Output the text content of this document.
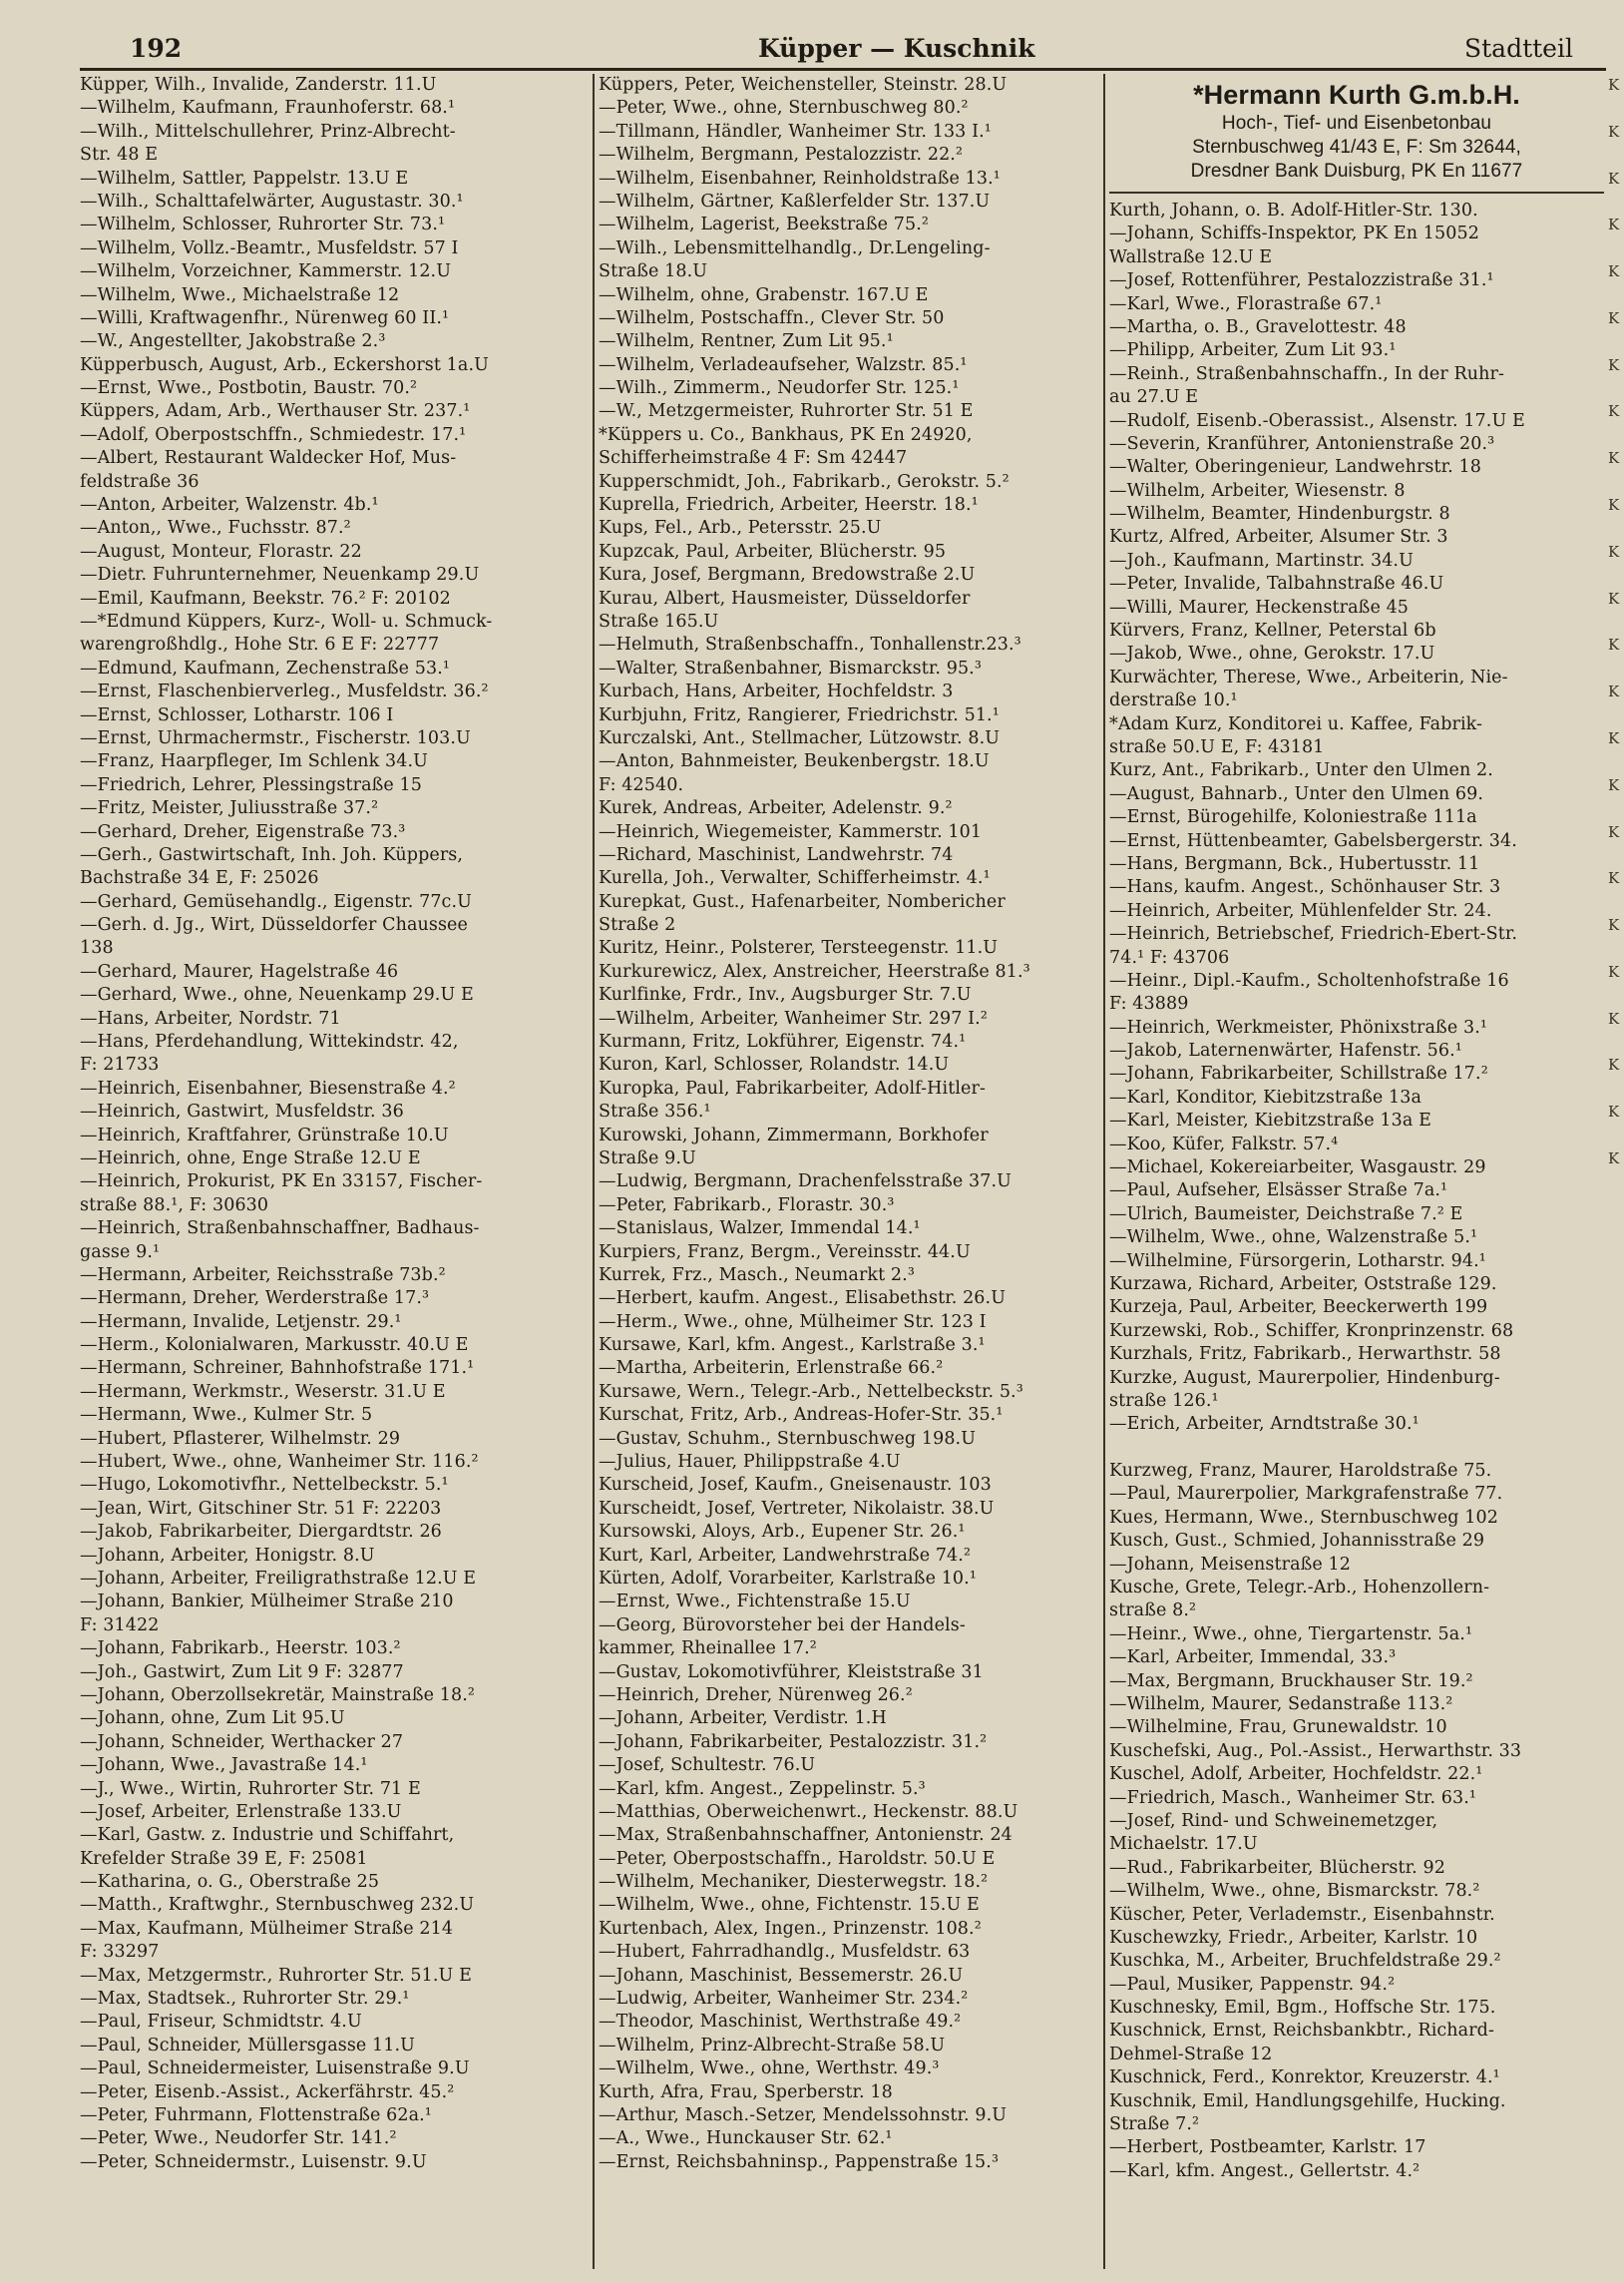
192	Küpper — Kuschnik	Stadtteil
Küpper, Wilh., Invalide, Zanderstr. 11.U
—Wilhelm, Kaufmann, Fraunhoferstr. 68.¹
—Wilh., Mittelschullehrer, Prinz-Albrecht-
Str. 48 E
—Wilhelm, Sattler, Pappelstr. 13.U E
—Wilh., Schalttafelwärter, Augustastr. 30.¹
—Wilhelm, Schlosser, Ruhrorter Str. 73.¹
—Wilhelm, Vollz.-Beamtr., Musfeldstr. 57 I
—Wilhelm, Vorzeichner, Kammerstr. 12.U
—Wilhelm, Wwe., Michaelstraße 12
—Willi, Kraftwagenfhr., Nürenweg 60 II.¹
—W., Angestellter, Jakobstraße 2.³
Küpperbusch, August, Arb., Eckershorst 1a.U
—Ernst, Wwe., Postbotin, Baustr. 70.²
Küppers, Adam, Arb., Werthauser Str. 237.¹
—Adolf, Oberpostschffn., Schmiedestr. 17.¹
—Albert, Restaurant Waldecker Hof, Mus-
feldstraße 36
—Anton, Arbeiter, Walzenstr. 4b.¹
—Anton,, Wwe., Fuchsstr. 87.²
—August, Monteur, Florastr. 22
—Dietr. Fuhrunternehmer, Neuenkamp 29.U
—Emil, Kaufmann, Beekstr. 76.² F: 20102
—*Edmund Küppers, Kurz-, Woll- u. Schmuck-
warengroßhdlg., Hohe Str. 6 E F: 22777
—Edmund, Kaufmann, Zechenstraße 53.¹
—Ernst, Flaschenbierverleg., Musfeldstr. 36.²
—Ernst, Schlosser, Lotharstr. 106 I
—Ernst, Uhrmachermstr., Fischerstr. 103.U
—Franz, Haarpfleger, Im Schlenk 34.U
—Friedrich, Lehrer, Plessingstraße 15
—Fritz, Meister, Juliusstraße 37.²
—Gerhard, Dreher, Eigenstraße 73.³
—Gerh., Gastwirtschaft, Inh. Joh. Küppers,
Bachstraße 34 E, F: 25026
—Gerhard, Gemüsehandlg., Eigenstr. 77c.U
—Gerh. d. Jg., Wirt, Düsseldorfer Chaussee
138
—Gerhard, Maurer, Hagelstraße 46
—Gerhard, Wwe., ohne, Neuenkamp 29.U E
—Hans, Arbeiter, Nordstr. 71
—Hans, Pferdehandlung, Wittekindstr. 42,
F: 21733
—Heinrich, Eisenbahner, Biesenstraße 4.²
—Heinrich, Gastwirt, Musfeldstr. 36
—Heinrich, Kraftfahrer, Grünstraße 10.U
—Heinrich, ohne, Enge Straße 12.U E
—Heinrich, Prokurist, PK En 33157, Fischer-
straße 88.¹, F: 30630
—Heinrich, Straßenbahnschaffner, Badhaus-
gasse 9.¹
—Hermann, Arbeiter, Reichsstraße 73b.²
—Hermann, Dreher, Werderstraße 17.³
—Hermann, Invalide, Letjenstr. 29.¹
—Herm., Kolonialwaren, Markusstr. 40.U E
—Hermann, Schreiner, Bahnhofstraße 171.¹
—Hermann, Werkmstr., Weserstr. 31.U E
—Hermann, Wwe., Kulmer Str. 5
—Hubert, Pflasterer, Wilhelmstr. 29
—Hubert, Wwe., ohne, Wanheimer Str. 116.²
—Hugo, Lokomotivfhr., Nettelbeckstr. 5.¹
—Jean, Wirt, Gitschiner Str. 51 F: 22203
—Jakob, Fabrikarbeiter, Diergardtstr. 26
—Johann, Arbeiter, Honigstr. 8.U
—Johann, Arbeiter, Freiligrathstraße 12.U E
—Johann, Bankier, Mülheimer Straße 210
F: 31422
—Johann, Fabrikarb., Heerstr. 103.²
—Joh., Gastwirt, Zum Lit 9 F: 32877
—Johann, Oberzollsekretär, Mainstraße 18.²
—Johann, ohne, Zum Lit 95.U
—Johann, Schneider, Werthacker 27
—Johann, Wwe., Javastraße 14.¹
—J., Wwe., Wirtin, Ruhrorter Str. 71 E
—Josef, Arbeiter, Erlenstraße 133.U
—Karl, Gastw. z. Industrie und Schiffahrt,
Krefelder Straße 39 E, F: 25081
—Katharina, o. G., Oberstraße 25
—Matth., Kraftwghr., Sternbuschweg 232.U
—Max, Kaufmann, Mülheimer Straße 214
F: 33297
—Max, Metzgermstr., Ruhrorter Str. 51.U E
—Max, Stadtsek., Ruhrorter Str. 29.¹
—Paul, Friseur, Schmidtstr. 4.U
—Paul, Schneider, Müllersgasse 11.U
—Paul, Schneidermeister, Luisenstraße 9.U
—Peter, Eisenb.-Assist., Ackerfährstr. 45.²
—Peter, Fuhrmann, Flottenstraße 62a.¹
—Peter, Wwe., Neudorfer Str. 141.²
—Peter, Schneidermstr., Luisenstr. 9.U
Küppers, Peter, Weichensteller, Steinstr. 28.U
—Peter, Wwe., ohne, Sternbuschweg 80.²
—Tillmann, Händler, Wanheimer Str. 133 I.¹
—Wilhelm, Bergmann, Pestalozzistr. 22.²
—Wilhelm, Eisenbahner, Reinholdstraße 13.¹
—Wilhelm, Gärtner, Kaßlerfelder Str. 137.U
—Wilhelm, Lagerist, Beekstraße 75.²
—Wilh., Lebensmittelhandlg., Dr.Lengeling-
Straße 18.U
—Wilhelm, ohne, Grabenstr. 167.U E
—Wilhelm, Postschaffn., Clever Str. 50
—Wilhelm, Rentner, Zum Lit 95.¹
—Wilhelm, Verladeaufseher, Walzstr. 85.¹
—Wilh., Zimmerm., Neudorfer Str. 125.¹
—W., Metzgermeister, Ruhrorter Str. 51 E
*Küppers u. Co., Bankhaus, PK En 24920,
Schifferheimstraße 4 F: Sm 42447
Kupperschmidt, Joh., Fabrikarb., Gerokstr. 5.²
Kuprella, Friedrich, Arbeiter, Heerstr. 18.¹
Kups, Fel., Arb., Petersstr. 25.U
Kupzcak, Paul, Arbeiter, Blücherstr. 95
Kura, Josef, Bergmann, Bredowstraße 2.U
Kurau, Albert, Hausmeister, Düsseldorfer
Straße 165.U
—Helmuth, Straßenbschaffn., Tonhallenstr.23.³
—Walter, Straßenbahner, Bismarckstr. 95.³
Kurbach, Hans, Arbeiter, Hochfeldstr. 3
Kurbjuhn, Fritz, Rangierer, Friedrichstr. 51.¹
Kurczalski, Ant., Stellmacher, Lützowstr. 8.U
—Anton, Bahnmeister, Beukenbergstr. 18.U
F: 42540.
Kurek, Andreas, Arbeiter, Adelenstr. 9.²
—Heinrich, Wiegemeister, Kammerstr. 101
—Richard, Maschinist, Landwehrstr. 74
Kurella, Joh., Verwalter, Schifferheimstr. 4.¹
Kurepkat, Gust., Hafenarbeiter, Nombericher
Straße 2
Kuritz, Heinr., Polsterer, Tersteegenstr. 11.U
Kurkurewicz, Alex, Anstreicher, Heerstraße 81.³
Kurlfinke, Frdr., Inv., Augsburger Str. 7.U
—Wilhelm, Arbeiter, Wanheimer Str. 297 I.²
Kurmann, Fritz, Lokführer, Eigenstr. 74.¹
Kuron, Karl, Schlosser, Rolandstr. 14.U
Kuropka, Paul, Fabrikarbeiter, Adolf-Hitler-
Straße 356.¹
Kurowski, Johann, Zimmermann, Borkhofer
Straße 9.U
—Ludwig, Bergmann, Drachenfelsstraße 37.U
—Peter, Fabrikarb., Florastr. 30.³
—Stanislaus, Walzer, Immendal 14.¹
Kurpiers, Franz, Bergm., Vereinsstr. 44.U
Kurrek, Frz., Masch., Neumarkt 2.³
—Herbert, kaufm. Angest., Elisabethstr. 26.U
—Herm., Wwe., ohne, Mülheimer Str. 123 I
Kursawe, Karl, kfm. Angest., Karlstraße 3.¹
—Martha, Arbeiterin, Erlenstraße 66.²
Kursawe, Wern., Telegr.-Arb., Nettelbeckstr. 5.³
Kurschat, Fritz, Arb., Andreas-Hofer-Str. 35.¹
—Gustav, Schuhm., Sternbuschweg 198.U
—Julius, Hauer, Philippstraße 4.U
Kurscheid, Josef, Kaufm., Gneisenaustr. 103
Kurscheidt, Josef, Vertreter, Nikolaistr. 38.U
Kursowski, Aloys, Arb., Eupener Str. 26.¹
Kurt, Karl, Arbeiter, Landwehrstraße 74.²
Kürten, Adolf, Vorarbeiter, Karlstraße 10.¹
—Ernst, Wwe., Fichtenstraße 15.U
—Georg, Bürovorsteher bei der Handels-
kammer, Rheinallee 17.²
—Gustav, Lokomotivführer, Kleiststraße 31
—Heinrich, Dreher, Nürenweg 26.²
—Johann, Arbeiter, Verdistr. 1.H
—Johann, Fabrikarbeiter, Pestalozzistr. 31.²
—Josef, Schultestr. 76.U
—Karl, kfm. Angest., Zeppelinstr. 5.³
—Matthias, Oberweichenwrt., Heckenstr. 88.U
—Max, Straßenbahnschaffner, Antonienstr. 24
—Peter, Oberpostschaffn., Haroldstr. 50.U E
—Wilhelm, Mechaniker, Diesterwegstr. 18.²
—Wilhelm, Wwe., ohne, Fichtenstr. 15.U E
Kurtenbach, Alex, Ingen., Prinzenstr. 108.²
—Hubert, Fahrradhandlg., Musfeldstr. 63
—Johann, Maschinist, Bessemerstr. 26.U
—Ludwig, Arbeiter, Wanheimer Str. 234.²
—Theodor, Maschinist, Werthstraße 49.²
—Wilhelm, Prinz-Albrecht-Straße 58.U
—Wilhelm, Wwe., ohne, Werthstr. 49.³
Kurth, Afra, Frau, Sperberstr. 18
—Arthur, Masch.-Setzer, Mendelssohnstr. 9.U
—A., Wwe., Hunckauser Str. 62.¹
—Ernst, Reichsbahninsp., Pappenstraße 15.³
*Hermann Kurth G.m.b.H.
Hoch-, Tief- und Eisenbetonbau
Sternbuschweg 41/43 E, F: Sm 32644,
Dresdner Bank Duisburg, PK En 11677
Kurth, Johann, o. B. Adolf-Hitler-Str. 130.
—Johann, Schiffs-Inspektor, PK En 15052
Wallstraße 12.U E
—Josef, Rottenführer, Pestalozzistraße 31.¹
—Karl, Wwe., Florastraße 67.¹
—Martha, o. B., Gravelottestr. 48
—Philipp, Arbeiter, Zum Lit 93.¹
—Reinh., Straßenbahnschaffn., In der Ruhr-
au 27.U E
—Rudolf, Eisenb.-Oberassist., Alsenstr. 17.U E
—Severin, Kranführer, Antonienstraße 20.³
—Walter, Oberingenieur, Landwehrstr. 18
—Wilhelm, Arbeiter, Wiesenstr. 8
—Wilhelm, Beamter, Hindenburgstr. 8
Kurtz, Alfred, Arbeiter, Alsumer Str. 3
—Joh., Kaufmann, Martinstr. 34.U
—Peter, Invalide, Talbahnstraße 46.U
—Willi, Maurer, Heckenstraße 45
Kürvers, Franz, Kellner, Peterstal 6b
—Jakob, Wwe., ohne, Gerokstr. 17.U
Kurwächter, Therese, Wwe., Arbeiterin, Nie-
derstraße 10.¹
*Adam Kurz, Konditorei u. Kaffee, Fabrik-
straße 50.U E, F: 43181
Kurz, Ant., Fabrikarb., Unter den Ulmen 2.
—August, Bahnarb., Unter den Ulmen 69.
—Ernst, Bürogehilfe, Koloniestraße 111a
—Ernst, Hüttenbeamter, Gabelsbergerstr. 34.
—Hans, Bergmann, Bck., Hubertusstr. 11
—Hans, kaufm. Angest., Schönhauser Str. 3
—Heinrich, Arbeiter, Mühlenfelder Str. 24.
—Heinrich, Betriebschef, Friedrich-Ebert-Str.
74.¹ F: 43706
—Heinr., Dipl.-Kaufm., Scholtenhofstraße 16
F: 43889
—Heinrich, Werkmeister, Phönixstraße 3.¹
—Jakob, Laternenwärter, Hafenstr. 56.¹
—Johann, Fabrikarbeiter, Schillstraße 17.²
—Karl, Konditor, Kiebitzstraße 13a
—Karl, Meister, Kiebitzstraße 13a E
—Koo, Küfer, Falkstr. 57.⁴
—Michael, Kokereiarbeiter, Wasgaustr. 29
—Paul, Aufseher, Elsässer Straße 7a.¹
—Ulrich, Baumeister, Deichstraße 7.² E
—Wilhelm, Wwe., ohne, Walzenstraße 5.¹
—Wilhelmine, Fürsorgerin, Lotharstr. 94.¹
Kurzawa, Richard, Arbeiter, Oststraße 129.
Kurzeja, Paul, Arbeiter, Beeckerwerth 199
Kurzewski, Rob., Schiffer, Kronprinzenstr. 68
Kurzhals, Fritz, Fabrikarb., Herwarthstr. 58
Kurzke, August, Maurerpolier, Hindenburg-
straße 126.¹
—Erich, Arbeiter, Arndtstraße 30.¹
Kurzweg, Franz, Maurer, Haroldstraße 75.
—Paul, Maurerpolier, Markgrafenstraße 77.
Kues, Hermann, Wwe., Sternbuschweg 102
Kusch, Gust., Schmied, Johannisstraße 29
—Johann, Meisenstraße 12
Kusche, Grete, Telegr.-Arb., Hohenzollern-
straße 8.²
—Heinr., Wwe., ohne, Tiergartenstr. 5a.¹
—Karl, Arbeiter, Immendal, 33.³
—Max, Bergmann, Bruckhauser Str. 19.²
—Wilhelm, Maurer, Sedanstraße 113.²
—Wilhelmine, Frau, Grunewaldstr. 10
Kuschefski, Aug., Pol.-Assist., Herwarthstr. 33
Kuschel, Adolf, Arbeiter, Hochfeldstr. 22.¹
—Friedrich, Masch., Wanheimer Str. 63.¹
—Josef, Rind- und Schweinemetzger,
Michaelstr. 17.U
—Rud., Fabrikarbeiter, Blücherstr. 92
—Wilhelm, Wwe., ohne, Bismarckstr. 78.²
Küscher, Peter, Verlademstr., Eisenbahnstr.
Kuschewzky, Friedr., Arbeiter, Karlstr. 10
Kuschka, M., Arbeiter, Bruchfeldstraße 29.²
—Paul, Musiker, Pappenstr. 94.²
Kuschnesky, Emil, Bgm., Hoffsche Str. 175.
Kuschnick, Ernst, Reichsbankbtr., Richard-
Dehmel-Straße 12
Kuschnick, Ferd., Konrektor, Kreuzerstr. 4.¹
Kuschnik, Emil, Handlungsgehilfe, Hucking.
Straße 7.²
—Herbert, Postbeamter, Karlstr. 17
—Karl, kfm. Angest., Gellertstr. 4.²
K
K
K
K
K
K
K
K
K
K
K
K
K
K
K
K
K
K
K
K
K
K
K
K
